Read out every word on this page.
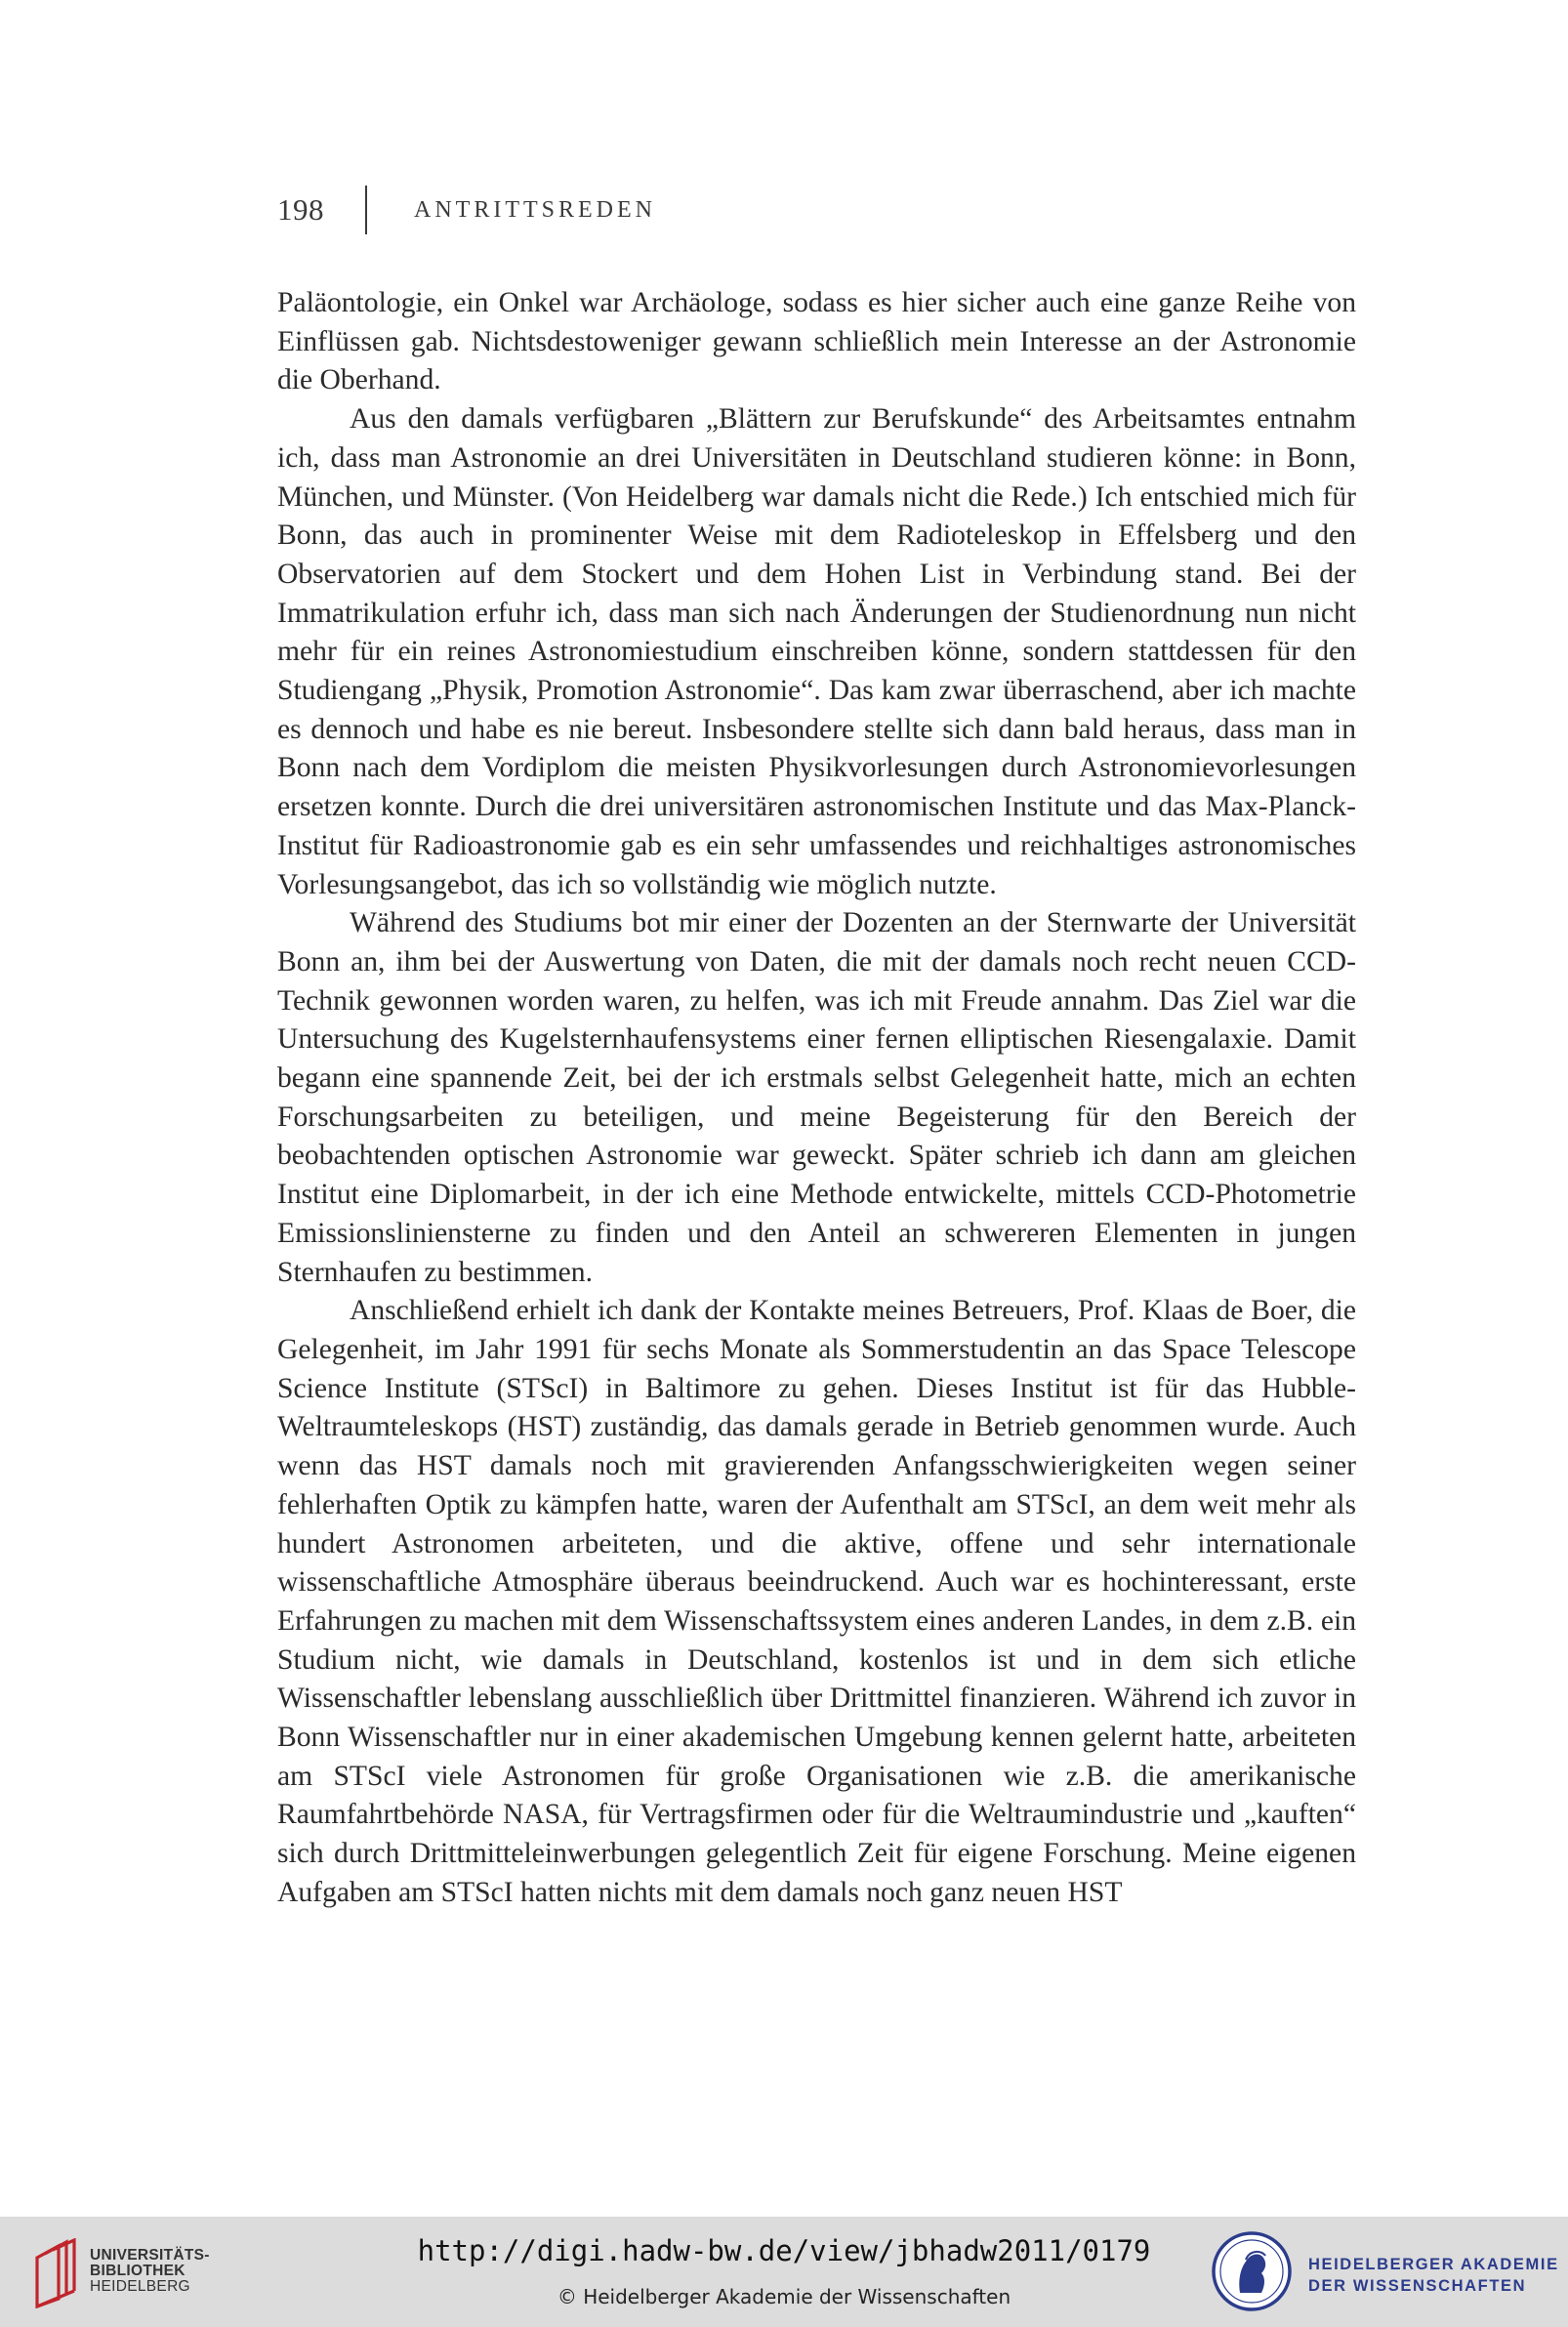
198	ANTRITTSREDEN

Paläontologie, ein Onkel war Archäologe, sodass es hier sicher auch eine ganze Reihe von Einflüssen gab. Nichtsdestoweniger gewann schließlich mein Interesse an der Astronomie die Oberhand.

Aus den damals verfügbaren „Blättern zur Berufskunde“ des Arbeitsamtes entnahm ich, dass man Astronomie an drei Universitäten in Deutschland studieren könne: in Bonn, München, und Münster. (Von Heidelberg war damals nicht die Rede.) Ich entschied mich für Bonn, das auch in prominenter Weise mit dem Radioteleskop in Effelsberg und den Observatorien auf dem Stockert und dem Hohen List in Verbindung stand. Bei der Immatrikulation erfuhr ich, dass man sich nach Änderungen der Studienordnung nun nicht mehr für ein reines Astronomiestudium einschreiben könne, sondern stattdessen für den Studiengang „Physik, Promotion Astronomie“. Das kam zwar überraschend, aber ich machte es dennoch und habe es nie bereut. Insbesondere stellte sich dann bald heraus, dass man in Bonn nach dem Vordiplom die meisten Physikvorlesungen durch Astronomievorlesungen ersetzen konnte. Durch die drei universitären astronomischen Institute und das Max-Planck-Institut für Radioastronomie gab es ein sehr umfassendes und reichhaltiges astronomisches Vorlesungsangebot, das ich so vollständig wie möglich nutzte.

Während des Studiums bot mir einer der Dozenten an der Sternwarte der Universität Bonn an, ihm bei der Auswertung von Daten, die mit der damals noch recht neuen CCD-Technik gewonnen worden waren, zu helfen, was ich mit Freude annahm. Das Ziel war die Untersuchung des Kugelsternhaufensystems einer fernen elliptischen Riesengalaxie. Damit begann eine spannende Zeit, bei der ich erstmals selbst Gelegenheit hatte, mich an echten Forschungsarbeiten zu beteiligen, und meine Begeisterung für den Bereich der beobachtenden optischen Astronomie war geweckt. Später schrieb ich dann am gleichen Institut eine Diplomarbeit, in der ich eine Methode entwickelte, mittels CCD-Photometrie Emissionsliniensterne zu finden und den Anteil an schwereren Elementen in jungen Sternhaufen zu bestimmen.

Anschließend erhielt ich dank der Kontakte meines Betreuers, Prof. Klaas de Boer, die Gelegenheit, im Jahr 1991 für sechs Monate als Sommerstudentin an das Space Telescope Science Institute (STScI) in Baltimore zu gehen. Dieses Institut ist für das Hubble-Weltraumteleskops (HST) zuständig, das damals gerade in Betrieb genommen wurde. Auch wenn das HST damals noch mit gravierenden Anfangsschwierigkeiten wegen seiner fehlerhaften Optik zu kämpfen hatte, waren der Aufenthalt am STScI, an dem weit mehr als hundert Astronomen arbeiteten, und die aktive, offene und sehr internationale wissenschaftliche Atmosphäre überaus beeindruckend. Auch war es hochinteressant, erste Erfahrungen zu machen mit dem Wissenschaftssystem eines anderen Landes, in dem z.B. ein Studium nicht, wie damals in Deutschland, kostenlos ist und in dem sich etliche Wissenschaftler lebenslang ausschließlich über Drittmittel finanzieren. Während ich zuvor in Bonn Wissenschaftler nur in einer akademischen Umgebung kennen gelernt hatte, arbeiteten am STScI viele Astronomen für große Organisationen wie z.B. die amerikanische Raumfahrtbehörde NASA, für Vertragsfirmen oder für die Weltraumindustrie und „kauften“ sich durch Drittmitteleinwerbungen gelegentlich Zeit für eigene Forschung. Meine eigenen Aufgaben am STScI hatten nichts mit dem damals noch ganz neuen HST

UNIVERSITÄTS-
BIBLIOTHEK
HEIDELBERG
http://digi.hadw-bw.de/view/jbhadw2011/0179
© Heidelberger Akademie der Wissenschaften
HEIDELBERGER AKADEMIE
DER WISSENSCHAFTEN
